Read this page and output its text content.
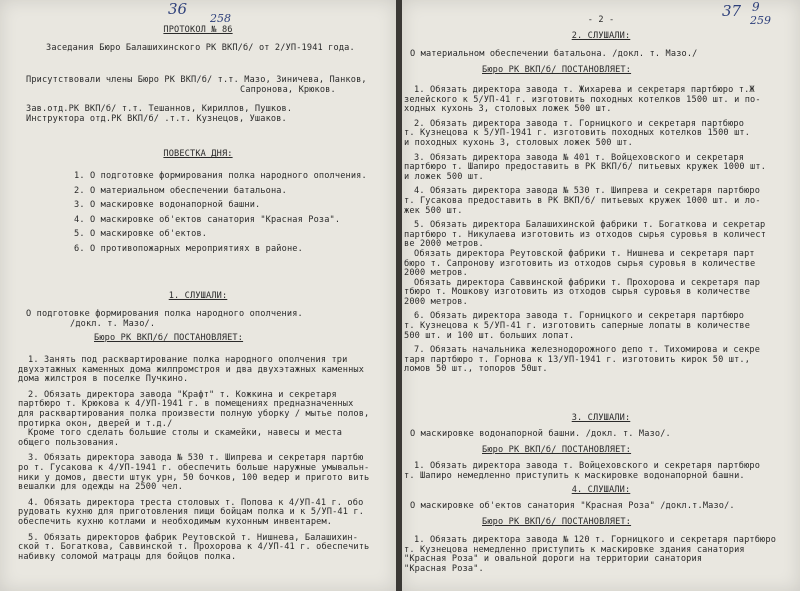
36
258
ПРОТОКОЛ № 86
Заседания Бюро Балашихинского РК ВКП/б/ от 2/УП-1941 года.
Присутствовали члены Бюро РК ВКП/б/ т.т. Мазо, Зиничева, Панков,
Сапронова, Крюков.
Зав.отд.РК ВКП/б/ т.т. Тешаннов, Кириллов, Пушков.
Инструктора отд.РК ВКП/б/ .т.т. Кузнецов, Ушаков.
ПОВЕСТКА ДНЯ:
1. О подготовке формирования полка народного ополчения.
2. О материальном обеспечении батальона.
3. О маскировке водонапорной башни.
4. О маскировке об'ектов санатория "Красная Роза".
5. О маскировке об'ектов.
6. О противопожарных мероприятиях в районе.
1. СЛУШАЛИ:
О подготовке формирования полка народного ополчения.
/докл. т. Мазо/.
Бюро РК ВКП/б/ ПОСТАНОВЛЯЕТ:
1. Занять под расквартирование полка народного ополчения три
двухэтажных каменных дома жилпромстроя и два двухэтажных каменных
дома жилстроя в поселке Пучкино.
2. Обязать директора завода "Крафт" т. Кожкина и секретаря
партбюро т. Крюкова к 4/УП-1941 г. в помещениях предназначенных
для расквартирования полка произвести полную уборку / мытье полов,
протирка окон, дверей и т.д./
Кроме того сделать большие столы и скамейки, навесы и места
общего пользования.
3. Обязать директора завода № 530 т. Шипрева и секретаря партбю
ро т. Гусакова к 4/УП-1941 г. обеспечить больше наружные умывальн-
ники у домов, двести штук урн, 50 бочков, 100 ведер и пригото вить
вешалки для одежды на 2500 чел.
4. Обязать директора треста столовых т. Попова к 4/УП-41 г. обо
рудовать кухню для приготовления пищи бойцам полка и к 5/УП-41 г.
обеспечить кухню котлами и необходимым кухонным инвентарем.
5. Обязать директоров фабрик Реутовской т. Нишнева, Балашихин-
ской т. Богаткова, Саввинской т. Прохорова к 4/УП-41 г. обеспечить
набивку соломой матрацы для бойцов полка.
- 2 -	37 9
259
2. СЛУШАЛИ:
О материальном обеспечении батальона. /докл. т. Мазо./
Бюро РК ВКП/б/ ПОСТАНОВЛЯЕТ:
1. Обязать директора завода т. Жихарева и секретаря партбюро т.Ж
зелейского к 5/УП-41 г. изготовить походных котелков 1500 шт. и по-
ходных кухонь 3, столовых ложек 500 шт.
2. Обязать директора завода т. Горницкого и секретаря партбюро
т. Кузнецова к 5/УП-1941 г. изготовить походных котелков 1500 шт.
и походных кухонь 3, столовых ложек 500 шт.
3. Обязать директора завода № 401 т. Войцеховского и секретаря
партбюро т. Шапиро предоставить в РК ВКП/б/ питьевых кружек 1000 шт.
и ложек 500 шт.
4. Обязать директора завода № 530 т. Шипрева и секретаря партбюро
т. Гусакова предоставить в РК ВКП/б/ питьевых кружек 1000 шт. и ло-
жек 500 шт.
5. Обязать директора Балашихинской фабрики т. Богаткова и секретар
партбюро т. Никулаева изготовить из отходов сырья суровья в количест
ве 2000 метров.
Обязать директора Реутовской фабрики т. Нишнева и секретаря парт
бюро т. Сапронову изготовить из отходов сырья суровья в количестве
2000 метров.
Обязать директора Саввинской фабрики т. Прохорова и секретаря пар
тбюро т. Мошкову изготовить из отходов сырья суровья в количестве
2000 метров.
6. Обязать директора завода т. Горницкого и секретаря партбюро
т. Кузнецова к 5/УП-41 г. изготовить саперные лопаты в количестве
500 шт. и 100 шт. больших лопат.
7. Обязать начальника железнодорожного депо т. Тихомирова и секре
таря партбюро т. Горнова к 13/УП-1941 г. изготовить кирок 50 шт.,
ломов 50 шт., топоров 50шт.
3. СЛУШАЛИ:
О маскировке водонапорной башни. /докл. т. Мазо/.
Бюро РК ВКП/б/ ПОСТАНОВЛЯЕТ:
1. Обязать директора завода т. Войцеховского и секретаря партбюро
т. Шапиро немедленно приступить к маскировке водонапорной башни.
4. СЛУШАЛИ:
О маскировке об'ектов санатория "Красная Роза" /докл.т.Мазо/.
Бюро РК ВКП/б/ ПОСТАНОВЛЯЕТ:
1. Обязать директора завода № 120 т. Горницкого и секретаря партбюро
т. Кузнецова немедленно приступить к маскировке здания санатория
"Красная Роза" и овальной дороги на территории санатория
"Красная Роза".
